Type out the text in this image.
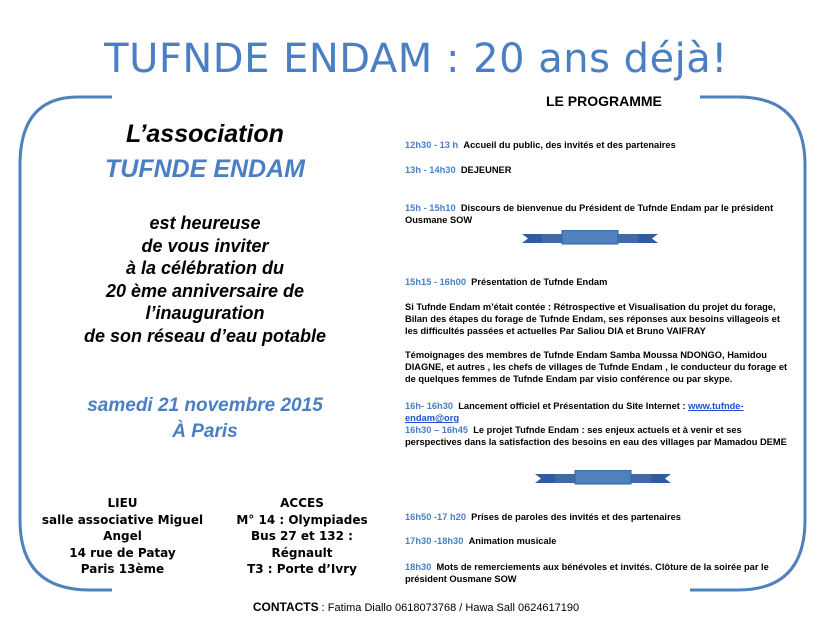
TUFNDE ENDAM : 20 ans déjà!
LE PROGRAMME
L’association
TUFNDE ENDAM
est heureuse
de vous inviter
à la célébration du
20 ème anniversaire de
l’inauguration
de son réseau d’eau potable
samedi 21 novembre 2015
À Paris
LIEU
salle associative Miguel Angel
14 rue de Patay
Paris 13ème
ACCES
M° 14 : Olympiades
Bus 27 et 132 : Régnault
T3 : Porte d’Ivry
12h30 - 13 h Accueil du public, des invités et des partenaires
13h - 14h30 DEJEUNER
15h - 15h10 Discours de bienvenue du Président de Tufnde Endam par le président Ousmane SOW
15h15 - 16h00 Présentation de Tufnde Endam
Si Tufnde Endam m’était contée : Rétrospective et Visualisation du projet du forage, Bilan des étapes du forage de Tufnde Endam, ses réponses aux besoins villageois et les difficultés passées et actuelles Par Saliou DIA et Bruno VAIFRAY
Témoignages des membres de Tufnde Endam Samba Moussa NDONGO, Hamidou DIAGNE, et autres , les chefs de villages de Tufnde Endam , le conducteur du forage et de quelques femmes de Tufnde Endam par visio conférence ou par skype.
16h- 16h30 Lancement officiel et Présentation du Site Internet : www.tufnde-endam@org
16h30 – 16h45 Le projet Tufnde Endam : ses enjeux actuels et à venir et ses perspectives dans la satisfaction des besoins en eau des villages par Mamadou DEME
16h50 -17 h20 Prises de paroles des invités et des partenaires
17h30 -18h30 Animation musicale
18h30 Mots de remerciements aux bénévoles et invités. Clôture de la soirée par le président Ousmane SOW
CONTACTS : Fatima Diallo 0618073768 / Hawa Sall 0624617190
